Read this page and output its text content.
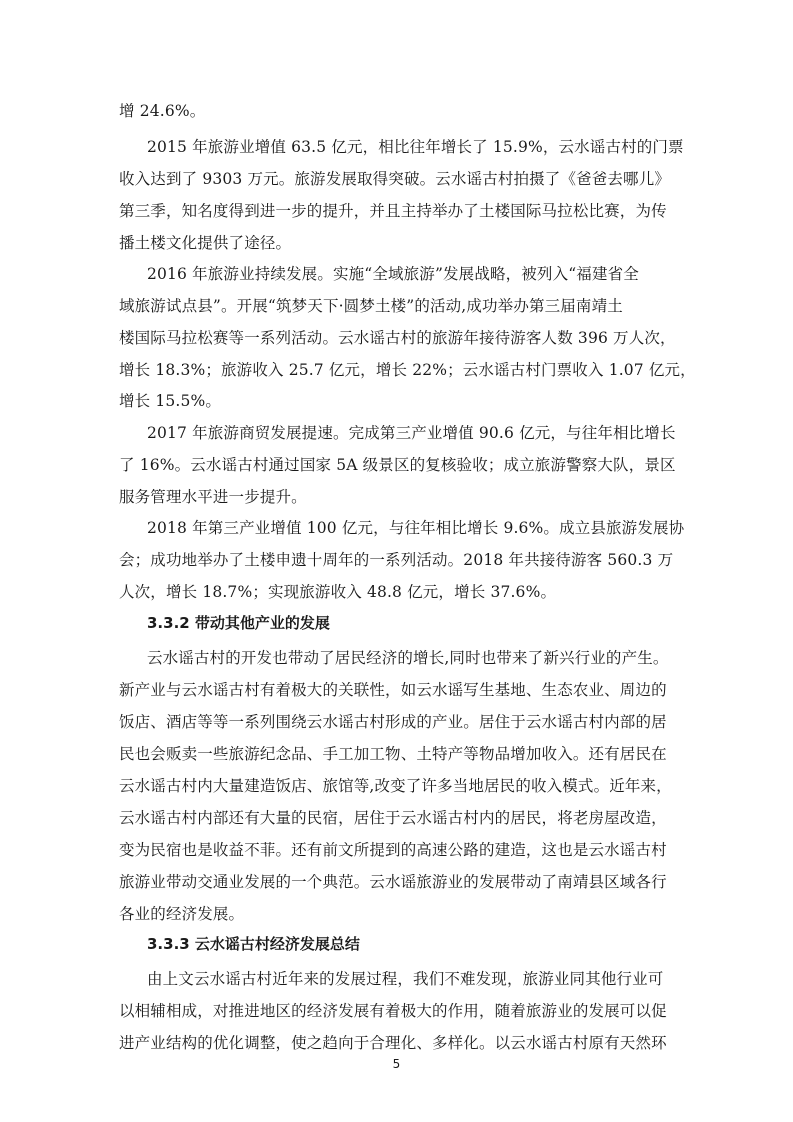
增 24.6%。
2015 年旅游业增值 63.5 亿元，相比往年增长了 15.9%，云水谣古村的门票
收入达到了 9303 万元。旅游发展取得突破。云水谣古村拍摄了《爸爸去哪儿》
第三季，知名度得到进一步的提升，并且主持举办了土楼国际马拉松比赛，为传
播土楼文化提供了途径。
2016 年旅游业持续发展。实施“全域旅游”发展战略，被列入“福建省全
域旅游试点县”。开展“筑梦天下·圆梦土楼”的活动,成功举办第三届南靖土
楼国际马拉松赛等一系列活动。云水谣古村的旅游年接待游客人数 396 万人次，
增长 18.3%；旅游收入 25.7 亿元，增长 22%；云水谣古村门票收入 1.07 亿元，
增长 15.5%。
2017 年旅游商贸发展提速。完成第三产业增值 90.6 亿元，与往年相比增长
了 16%。云水谣古村通过国家 5A 级景区的复核验收；成立旅游警察大队，景区
服务管理水平进一步提升。
2018 年第三产业增值 100 亿元，与往年相比增长 9.6%。成立县旅游发展协
会；成功地举办了土楼申遗十周年的一系列活动。2018 年共接待游客 560.3 万
人次，增长 18.7%；实现旅游收入 48.8 亿元，增长 37.6%。
3.3.2 带动其他产业的发展
云水谣古村的开发也带动了居民经济的增长,同时也带来了新兴行业的产生。
新产业与云水谣古村有着极大的关联性，如云水谣写生基地、生态农业、周边的
饭店、酒店等等一系列围绕云水谣古村形成的产业。居住于云水谣古村内部的居
民也会贩卖一些旅游纪念品、手工加工物、土特产等物品增加收入。还有居民在
云水谣古村内大量建造饭店、旅馆等,改变了许多当地居民的收入模式。近年来，
云水谣古村内部还有大量的民宿，居住于云水谣古村内的居民，将老房屋改造，
变为民宿也是收益不菲。还有前文所提到的高速公路的建造，这也是云水谣古村
旅游业带动交通业发展的一个典范。云水谣旅游业的发展带动了南靖县区域各行
各业的经济发展。
3.3.3 云水谣古村经济发展总结
由上文云水谣古村近年来的发展过程，我们不难发现，旅游业同其他行业可
以相辅相成，对推进地区的经济发展有着极大的作用，随着旅游业的发展可以促
进产业结构的优化调整，使之趋向于合理化、多样化。以云水谣古村原有天然环
5
